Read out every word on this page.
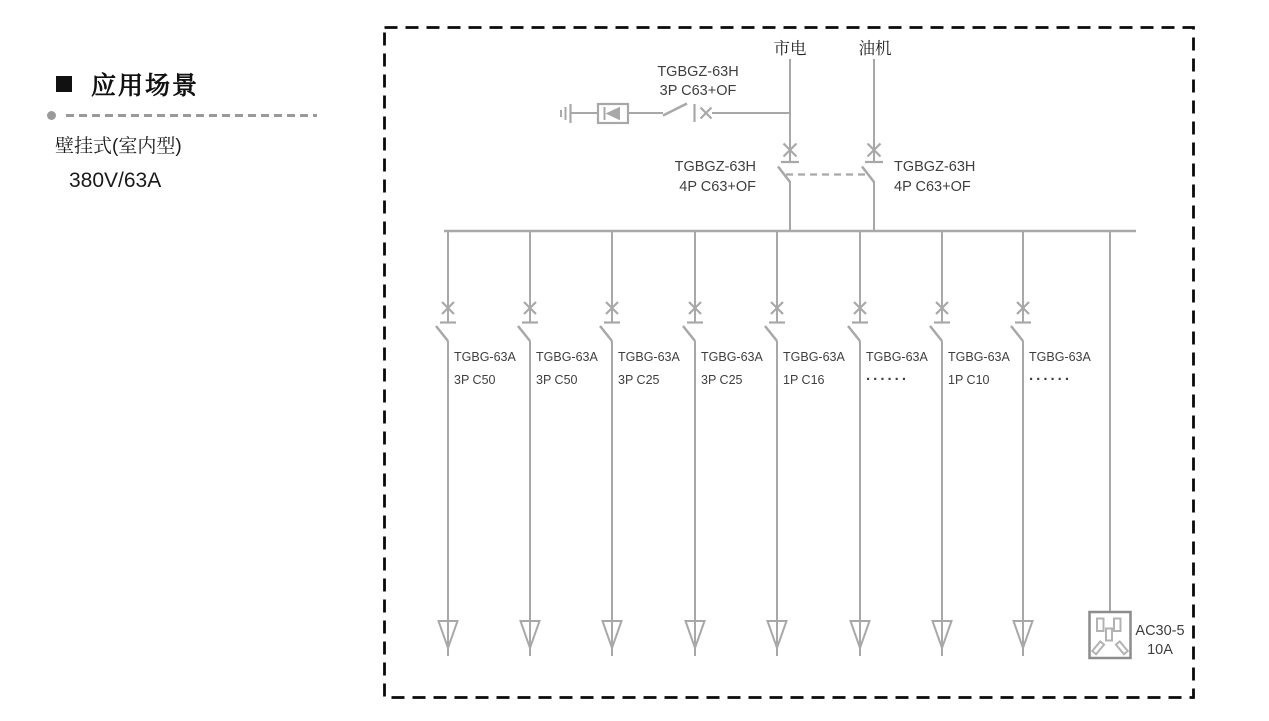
应用场景
壁挂式(室内型)
380V/63A
市电	油机
TGBGZ-63H
3P C63+OF
TGBGZ-63H
4P C63+OF
TGBGZ-63H
4P C63+OF
TGBG-63A
3P C50
TGBG-63A
3P C50
TGBG-63A
3P C25
TGBG-63A
3P C25
TGBG-63A
1P C16
TGBG-63A
......
TGBG-63A
1P C10
TGBG-63A
......
AC30-5
10A
